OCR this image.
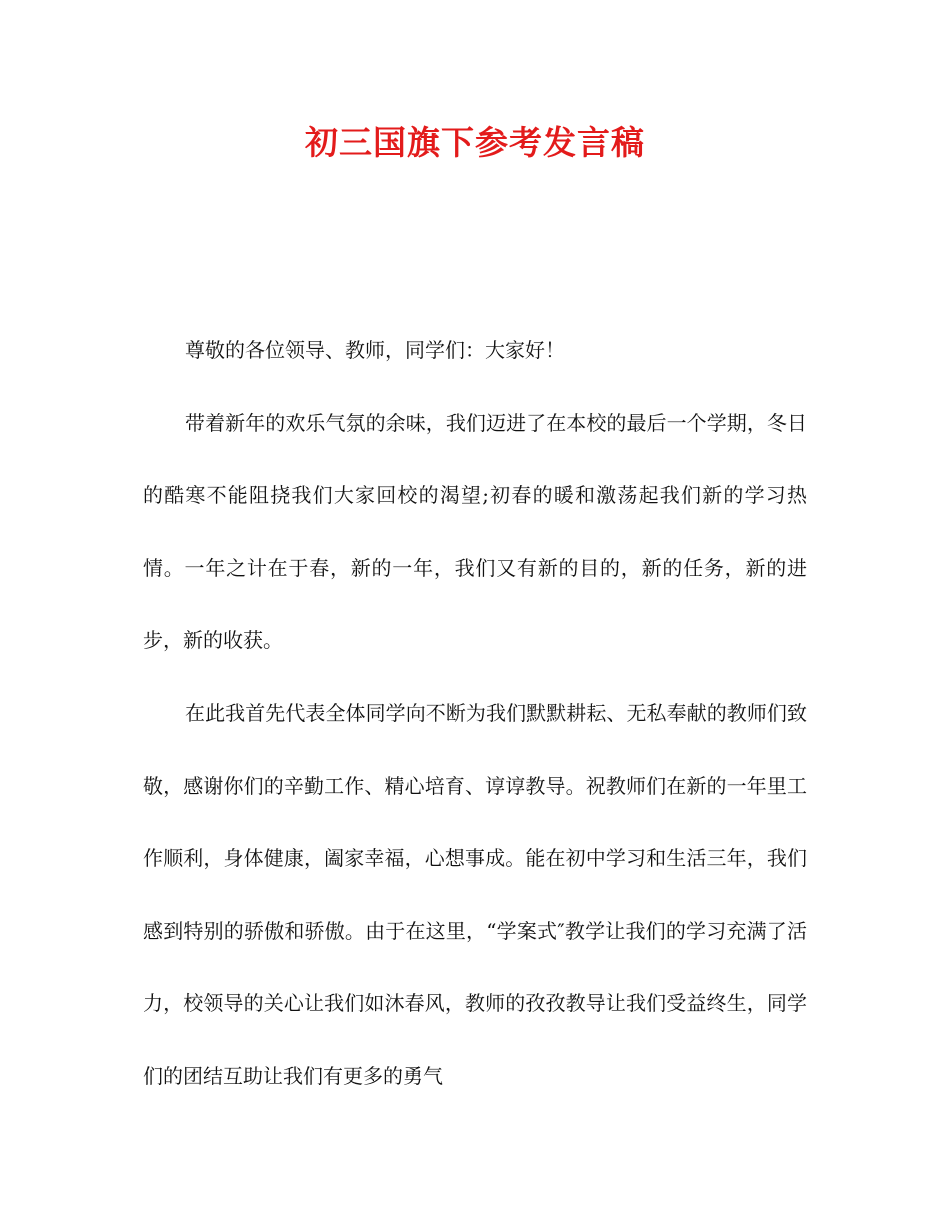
初三国旗下参考发言稿

尊敬的各位领导、教师，同学们：大家好！

带着新年的欢乐气氛的余味，我们迈进了在本校的最后一个学期，冬日的酷寒不能阻挠我们大家回校的渴望;初春的暖和激荡起我们新的学习热情。一年之计在于春，新的一年，我们又有新的目的，新的任务，新的进步，新的收获。

在此我首先代表全体同学向不断为我们默默耕耘、无私奉献的教师们致敬，感谢你们的辛勤工作、精心培育、谆谆教导。祝教师们在新的一年里工作顺利，身体健康，阖家幸福，心想事成。能在初中学习和生活三年，我们感到特别的骄傲和骄傲。由于在这里，“学案式″教学让我们的学习充满了活力，校领导的关心让我们如沐春风，教师的孜孜教导让我们受益终生，同学们的团结互助让我们有更多的勇气
